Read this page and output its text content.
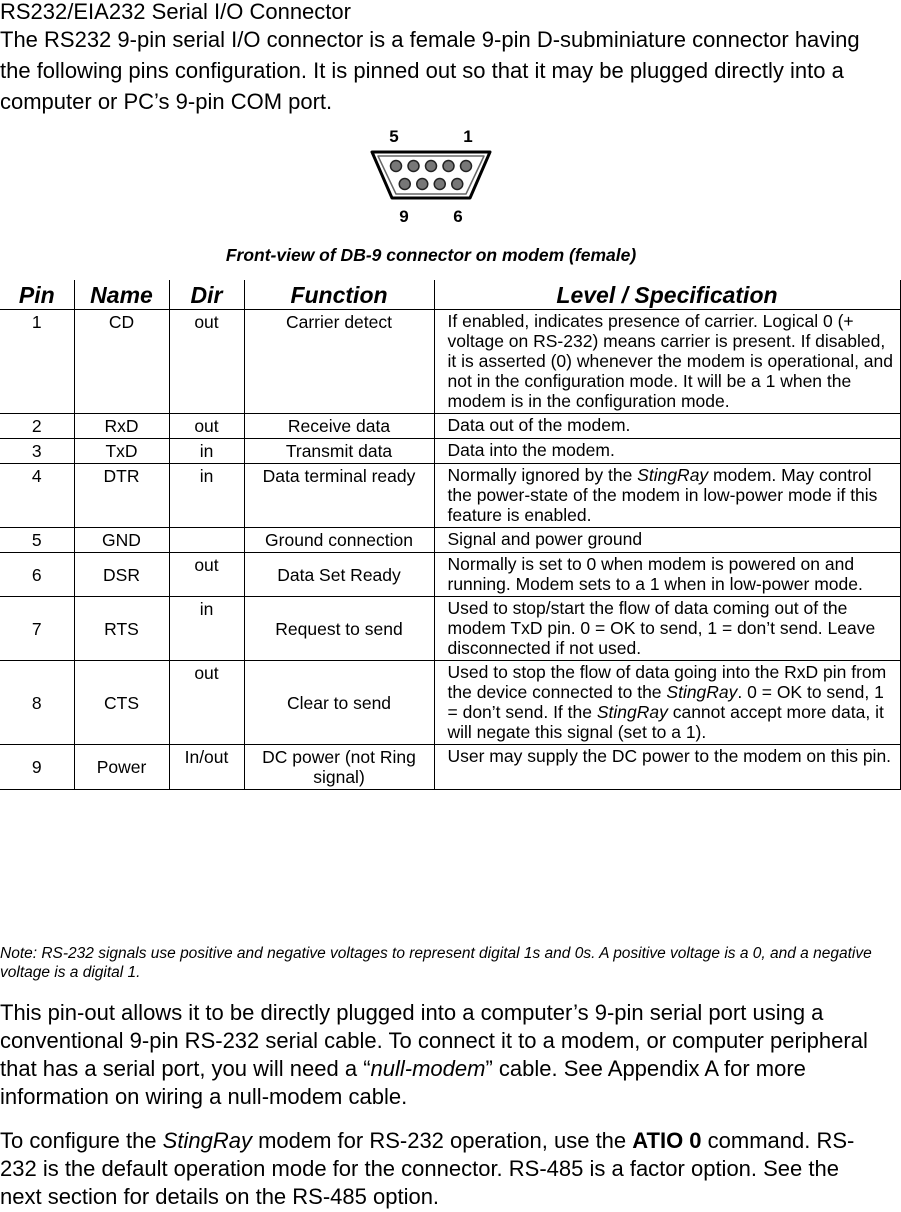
RS232/EIA232 Serial I/O Connector
The RS232 9-pin serial I/O connector is a female 9-pin D-subminiature connector having the following pins configuration. It is pinned out so that it may be plugged directly into a computer or PC’s 9-pin COM port.
5	1
9	6
Front-view of DB-9 connector on modem (female)
Pin	Name	Dir	Function	Level / Specification
1	CD	out	Carrier detect	If enabled, indicates presence of carrier. Logical 0 (+ voltage on RS-232) means carrier is present. If disabled, it is asserted (0) whenever the modem is operational, and not in the configuration mode. It will be a 1 when the modem is in the configuration mode.
2	RxD	out	Receive data	Data out of the modem.
3	TxD	in	Transmit data	Data into the modem.
4	DTR	in	Data terminal ready	Normally ignored by the StingRay modem. May control the power-state of the modem in low-power mode if this feature is enabled.
5	GND		Ground connection	Signal and power ground
6	DSR	out	Data Set Ready	Normally is set to 0 when modem is powered on and running. Modem sets to a 1 when in low-power mode.
7	RTS	in	Request to send	Used to stop/start the flow of data coming out of the modem TxD pin. 0 = OK to send, 1 = don’t send. Leave disconnected if not used.
8	CTS	out	Clear to send	Used to stop the flow of data going into the RxD pin from the device connected to the StingRay. 0 = OK to send, 1 = don’t send. If the StingRay cannot accept more data, it will negate this signal (set to a 1).
9	Power	In/out	DC power (not Ring signal)	User may supply the DC power to the modem on this pin.
Note: RS-232 signals use positive and negative voltages to represent digital 1s and 0s. A positive voltage is a 0, and a negative voltage is a digital 1.
This pin-out allows it to be directly plugged into a computer’s 9-pin serial port using a conventional 9-pin RS-232 serial cable. To connect it to a modem, or computer peripheral that has a serial port, you will need a “null-modem” cable. See Appendix A for more information on wiring a null-modem cable.
To configure the StingRay modem for RS-232 operation, use the ATIO 0 command. RS-232 is the default operation mode for the connector. RS-485 is a factor option. See the next section for details on the RS-485 option.
